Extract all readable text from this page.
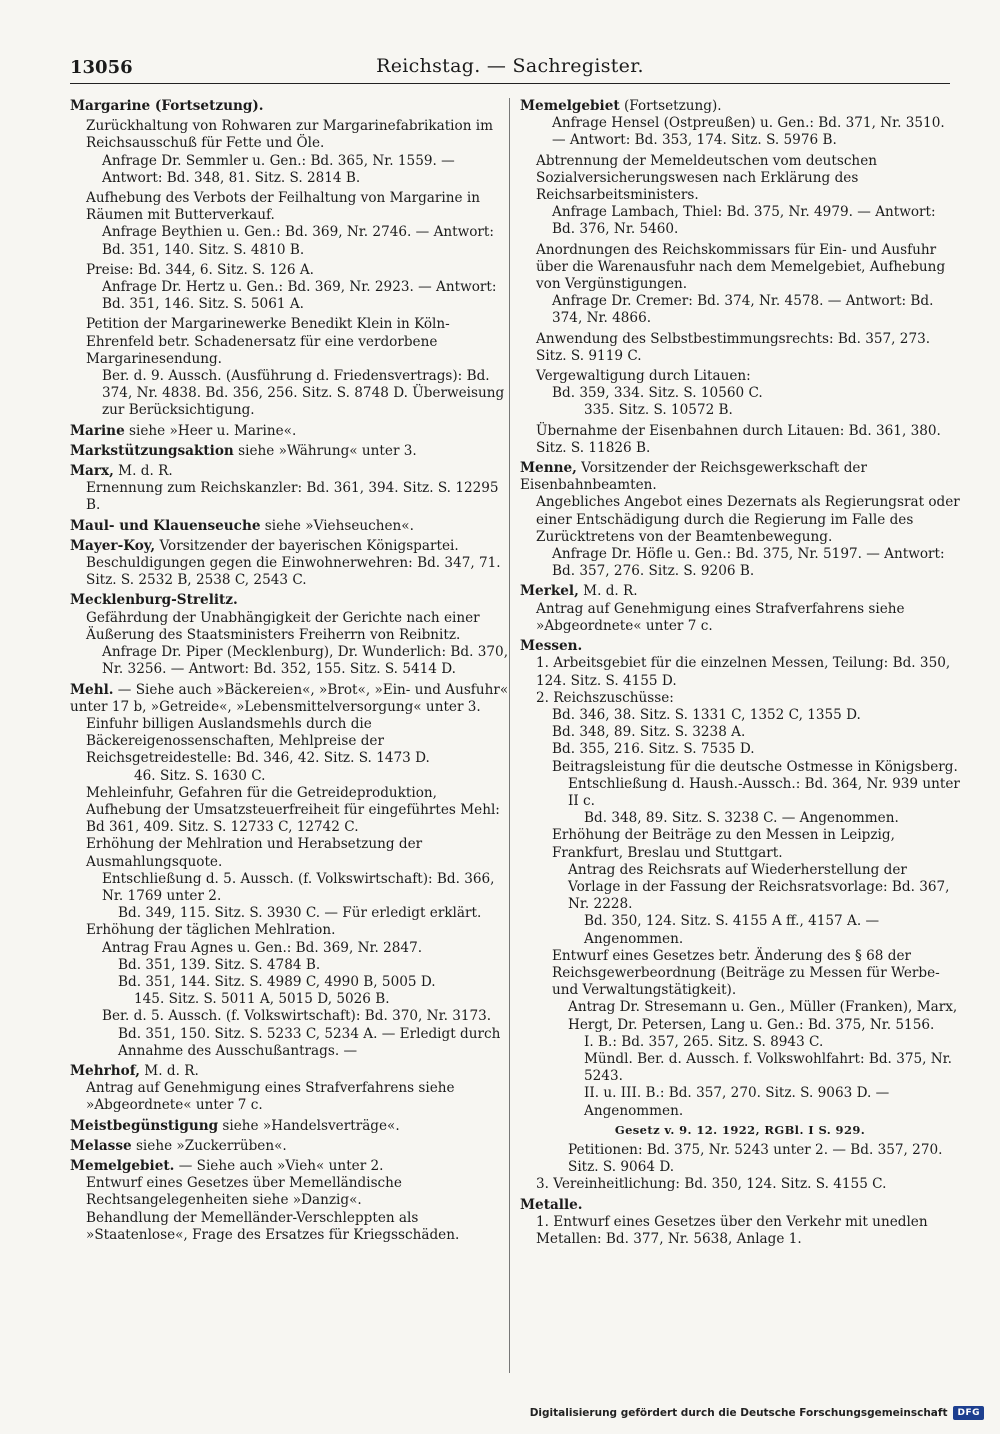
13056	Reichstag. — Sachregister.

Margarine (Fortsetzung).

Zurückhaltung von Rohwaren zur Margarinefabrikation im Reichsausschuß für Fette und Öle.

Anfrage Dr. Semmler u. Gen.: Bd. 365, Nr. 1559. — Antwort: Bd. 348, 81. Sitz. S. 2814 B.

Aufhebung des Verbots der Feilhaltung von Margarine in Räumen mit Butterverkauf.

Anfrage Beythien u. Gen.: Bd. 369, Nr. 2746. — Antwort: Bd. 351, 140. Sitz. S. 4810 B.

Preise: Bd. 344, 6. Sitz. S. 126 A.

Anfrage Dr. Hertz u. Gen.: Bd. 369, Nr. 2923. — Antwort: Bd. 351, 146. Sitz. S. 5061 A.

Petition der Margarinewerke Benedikt Klein in Köln-Ehrenfeld betr. Schadenersatz für eine verdorbene Margarinesendung.

Ber. d. 9. Aussch. (Ausführung d. Friedensvertrags): Bd. 374, Nr. 4838. Bd. 356, 256. Sitz. S. 8748 D. Überweisung zur Berücksichtigung.

Marine siehe »Heer u. Marine«.

Markstützungsaktion siehe »Währung« unter 3.

Marx, M. d. R.

Ernennung zum Reichskanzler: Bd. 361, 394. Sitz. S. 12295 B.

Maul- und Klauenseuche siehe »Viehseuchen«.

Mayer-Koy, Vorsitzender der bayerischen Königspartei.

Beschuldigungen gegen die Einwohnerwehren: Bd. 347, 71. Sitz. S. 2532 B, 2538 C, 2543 C.

Mecklenburg-Strelitz.

Gefährdung der Unabhängigkeit der Gerichte nach einer Äußerung des Staatsministers Freiherrn von Reibnitz.

Anfrage Dr. Piper (Mecklenburg), Dr. Wunderlich: Bd. 370, Nr. 3256. — Antwort: Bd. 352, 155. Sitz. S. 5414 D.

Mehl. — Siehe auch »Bäckereien«, »Brot«, »Ein- und Ausfuhr« unter 17 b, »Getreide«, »Lebensmittelversorgung« unter 3.

Einfuhr billigen Auslandsmehls durch die Bäckereigenossenschaften, Mehlpreise der Reichsgetreidestelle: Bd. 346, 42. Sitz. S. 1473 D.

46. Sitz. S. 1630 C.

Mehleinfuhr, Gefahren für die Getreideproduktion, Aufhebung der Umsatzsteuerfreiheit für eingeführtes Mehl: Bd 361, 409. Sitz. S. 12733 C, 12742 C.

Erhöhung der Mehlration und Herabsetzung der Ausmahlungsquote.

Entschließung d. 5. Aussch. (f. Volkswirtschaft): Bd. 366, Nr. 1769 unter 2.

Bd. 349, 115. Sitz. S. 3930 C. — Für erledigt erklärt.

Erhöhung der täglichen Mehlration.

Antrag Frau Agnes u. Gen.: Bd. 369, Nr. 2847.

Bd. 351, 139. Sitz. S. 4784 B.

Bd. 351, 144. Sitz. S. 4989 C, 4990 B, 5005 D.

145. Sitz. S. 5011 A, 5015 D, 5026 B.

Ber. d. 5. Aussch. (f. Volkswirtschaft): Bd. 370, Nr. 3173.

Bd. 351, 150. Sitz. S. 5233 C, 5234 A. — Erledigt durch Annahme des Ausschußantrags. —

Mehrhof, M. d. R.

Antrag auf Genehmigung eines Strafverfahrens siehe »Abgeordnete« unter 7 c.

Meistbegünstigung siehe »Handelsverträge«.

Melasse siehe »Zuckerrüben«.

Memelgebiet. — Siehe auch »Vieh« unter 2.

Entwurf eines Gesetzes über Memelländische Rechtsangelegenheiten siehe »Danzig«.

Behandlung der Memelländer-Verschleppten als »Staatenlose«, Frage des Ersatzes für Kriegsschäden.

Memelgebiet (Fortsetzung).

Anfrage Hensel (Ostpreußen) u. Gen.: Bd. 371, Nr. 3510. — Antwort: Bd. 353, 174. Sitz. S. 5976 B.

Abtrennung der Memeldeutschen vom deutschen Sozialversicherungswesen nach Erklärung des Reichsarbeitsministers.

Anfrage Lambach, Thiel: Bd. 375, Nr. 4979. — Antwort: Bd. 376, Nr. 5460.

Anordnungen des Reichskommissars für Ein- und Ausfuhr über die Warenausfuhr nach dem Memelgebiet, Aufhebung von Vergünstigungen.

Anfrage Dr. Cremer: Bd. 374, Nr. 4578. — Antwort: Bd. 374, Nr. 4866.

Anwendung des Selbstbestimmungsrechts: Bd. 357, 273. Sitz. S. 9119 C.

Vergewaltigung durch Litauen:

Bd. 359, 334. Sitz. S. 10560 C.

335. Sitz. S. 10572 B.

Übernahme der Eisenbahnen durch Litauen: Bd. 361, 380. Sitz. S. 11826 B.

Menne, Vorsitzender der Reichsgewerkschaft der Eisenbahnbeamten.

Angebliches Angebot eines Dezernats als Regierungsrat oder einer Entschädigung durch die Regierung im Falle des Zurücktretens von der Beamtenbewegung.

Anfrage Dr. Höfle u. Gen.: Bd. 375, Nr. 5197. — Antwort: Bd. 357, 276. Sitz. S. 9206 B.

Merkel, M. d. R.

Antrag auf Genehmigung eines Strafverfahrens siehe »Abgeordnete« unter 7 c.

Messen.

1. Arbeitsgebiet für die einzelnen Messen, Teilung: Bd. 350, 124. Sitz. S. 4155 D.

2. Reichszuschüsse:

Bd. 346, 38. Sitz. S. 1331 C, 1352 C, 1355 D.

Bd. 348, 89. Sitz. S. 3238 A.

Bd. 355, 216. Sitz. S. 7535 D.

Beitragsleistung für die deutsche Ostmesse in Königsberg.

Entschließung d. Haush.-Aussch.: Bd. 364, Nr. 939 unter II c.

Bd. 348, 89. Sitz. S. 3238 C. — Angenommen.

Erhöhung der Beiträge zu den Messen in Leipzig, Frankfurt, Breslau und Stuttgart.

Antrag des Reichsrats auf Wiederherstellung der Vorlage in der Fassung der Reichsratsvorlage: Bd. 367, Nr. 2228.

Bd. 350, 124. Sitz. S. 4155 A ff., 4157 A. — Angenommen.

Entwurf eines Gesetzes betr. Änderung des § 68 der Reichsgewerbeordnung (Beiträge zu Messen für Werbe- und Verwaltungstätigkeit).

Antrag Dr. Stresemann u. Gen., Müller (Franken), Marx, Hergt, Dr. Petersen, Lang u. Gen.: Bd. 375, Nr. 5156.

I. B.: Bd. 357, 265. Sitz. S. 8943 C.

Mündl. Ber. d. Aussch. f. Volkswohlfahrt: Bd. 375, Nr. 5243.

II. u. III. B.: Bd. 357, 270. Sitz. S. 9063 D. — Angenommen.

Gesetz v. 9. 12. 1922, RGBl. I S. 929.

Petitionen: Bd. 375, Nr. 5243 unter 2. — Bd. 357, 270. Sitz. S. 9064 D.

3. Vereinheitlichung: Bd. 350, 124. Sitz. S. 4155 C.

Metalle.

1. Entwurf eines Gesetzes über den Verkehr mit unedlen Metallen: Bd. 377, Nr. 5638, Anlage 1.

Digitalisierung gefördert durch die Deutsche Forschungsgemeinschaft	DFG
